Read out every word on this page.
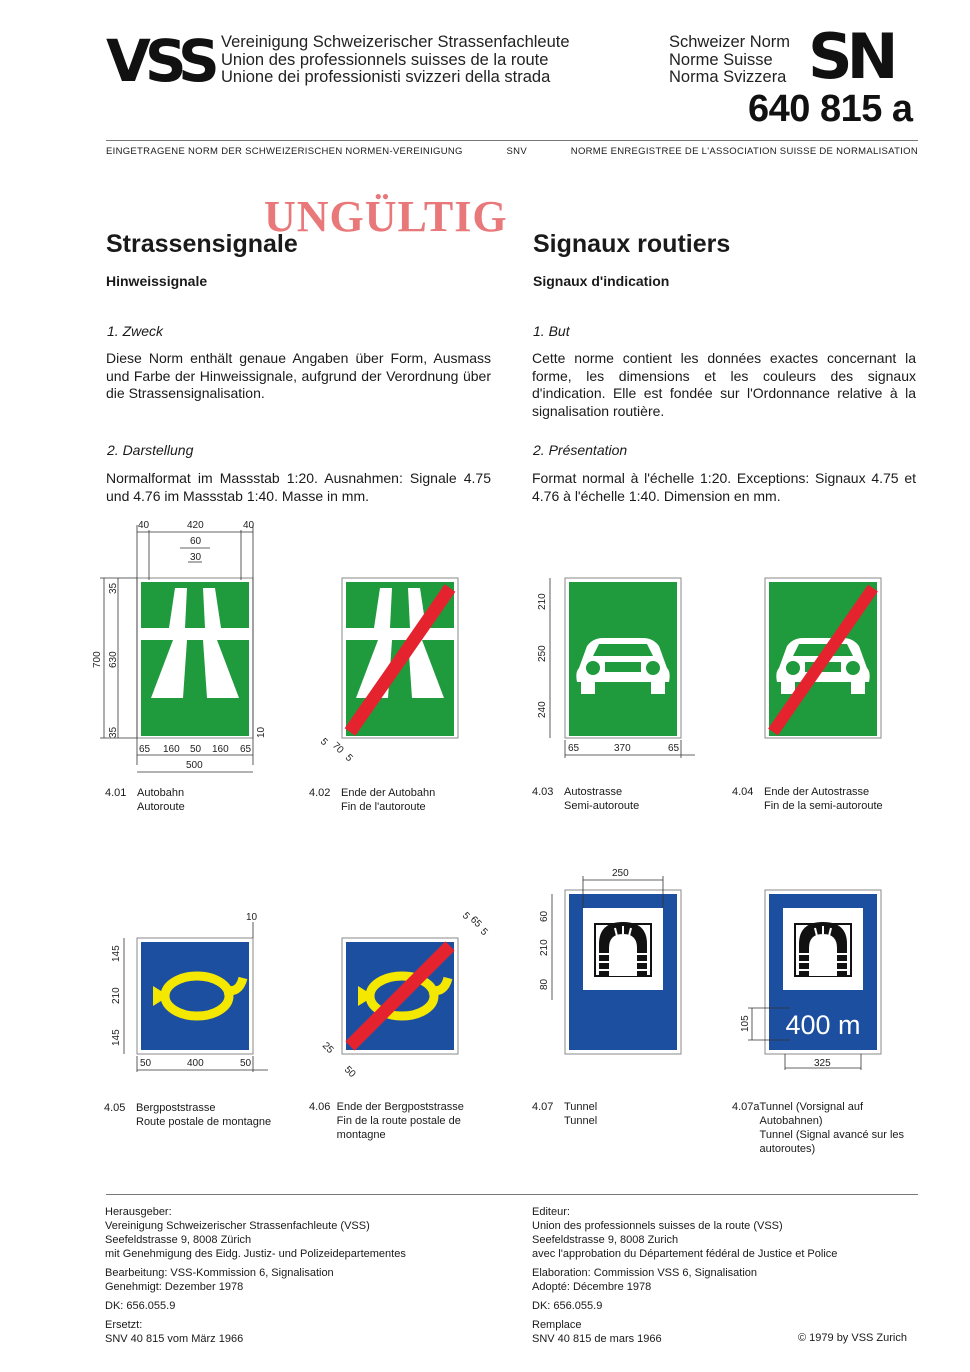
VSS Vereinigung Schweizerischer Strassenfachleute
Union des professionnels suisses de la route
Unione dei professionisti svizzeri della strada
Schweizer Norm
Norme Suisse
Norma Svizzera SN
640 815 a
EINGETRAGENE NORM DER SCHWEIZERISCHEN NORMEN-VEREINIGUNG	SNV	NORME ENREGISTREE DE L'ASSOCIATION SUISSE DE NORMALISATION
UNGÜLTIG
Strassensignale	Signaux routiers
Hinweissignale	Signaux d'indication
1. Zweck	1. But
Diese Norm enthält genaue Angaben über Form, Ausmass und Farbe der Hinweissignale, aufgrund der Verordnung über die Strassensignalisation.
Cette norme contient les données exactes concernant la forme, les dimensions et les couleurs des signaux d'indication. Elle est fondée sur l'Ordonnance relative à la signalisation routière.
2. Darstellung	2. Présentation
Normalformat im Massstab 1:20. Ausnahmen: Signale 4.75 und 4.76 im Massstab 1:40. Masse in mm.
Format normal à l'échelle 1:20. Exceptions: Signaux 4.75 et 4.76 à l'échelle 1:40. Dimension en mm.
40	420	40
60
30
700 630
35
35
65 160 50 160 65
500
10
5 70
5
210
250
240
65	370	65
10
145
210
145
50	400	50
5
65
5
25
50
250
60
210
80
400 m
105
325
4.01 Autobahn
Autoroute
4.02 Ende der Autobahn
Fin de l'autoroute
4.03 Autostrasse
Semi-autoroute
4.04 Ende der Autostrasse
Fin de la semi-autoroute
4.05 Bergpoststrasse
Route postale de montagne
4.06 Ende der Bergpoststrasse
Fin de la route postale de montagne
4.07 Tunnel
Tunnel
4.07a Tunnel (Vorsignal auf Autobahnen)
Tunnel (Signal avancé sur les autoroutes)
Herausgeber:
Vereinigung Schweizerischer Strassenfachleute (VSS)
Seefeldstrasse 9, 8008 Zürich
mit Genehmigung des Eidg. Justiz- und Polizeidepartementes
Bearbeitung: VSS-Kommission 6, Signalisation
Genehmigt: Dezember 1978
DK: 656.055.9
Ersetzt:
SNV 40 815 vom März 1966
Editeur:
Union des professionnels suisses de la route (VSS)
Seefeldstrasse 9, 8008 Zurich
avec l'approbation du Département fédéral de Justice et Police
Elaboration: Commission VSS 6, Signalisation
Adopté: Décembre 1978
DK: 656.055.9
Remplace
SNV 40 815 de mars 1966	© 1979 by VSS Zurich
